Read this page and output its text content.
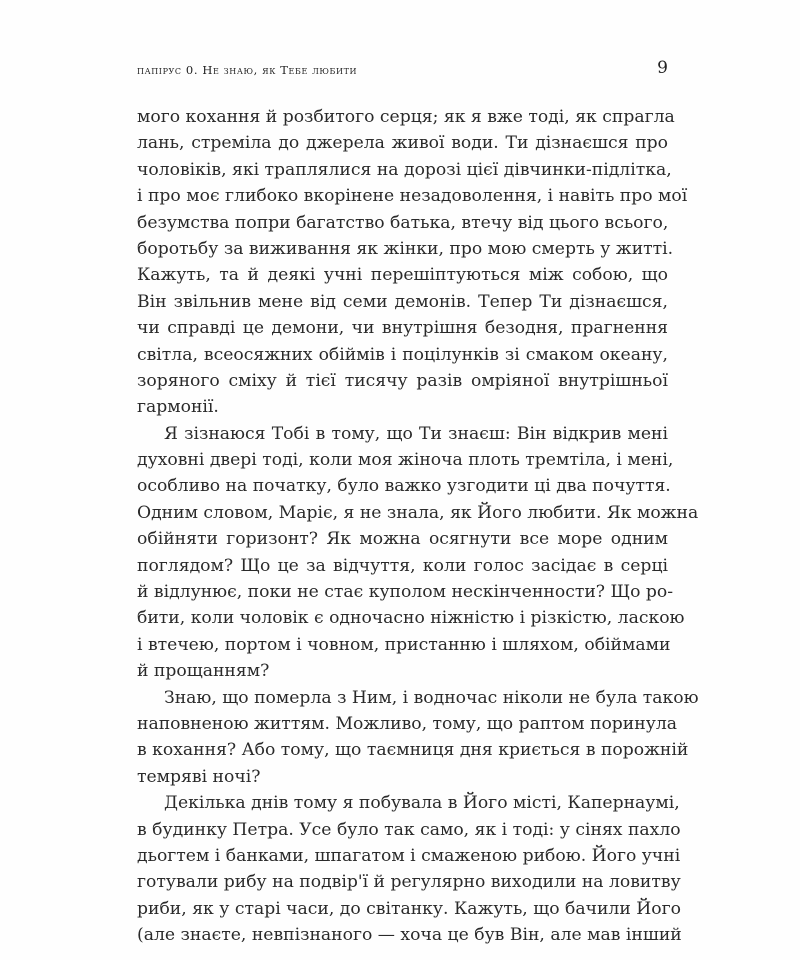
папірус 0. Не знаю, як Тебе любити	9
мого кохання й розбитого серця; як я вже тоді, як спрагла
лань, стреміла до джерела живої води. Ти дізнаєшся про
чоловіків, які траплялися на дорозі цієї дівчинки-підлітка,
і про моє глибоко вкорінене незадоволення, і навіть про мої
безумства попри багатство батька, втечу від цього всього,
боротьбу за виживання як жінки, про мою смерть у житті.
Кажуть, та й деякі учні перешіптуються між собою, що
Він звільнив мене від семи демонів. Тепер Ти дізнаєшся,
чи справді це демони, чи внутрішня безодня, прагнення
світла, всеосяжних обіймів і поцілунків зі смаком океану,
зоряного сміху й тієї тисячу разів омріяної внутрішньої
гармонії.
Я зізнаюся Тобі в тому, що Ти знаєш: Він відкрив мені
духовні двері тоді, коли моя жіноча плоть тремтіла, і мені,
особливо на початку, було важко узгодити ці два почуття.
Одним словом, Маріє, я не знала, як Його любити. Як можна
обійняти горизонт? Як можна осягнути все море одним
поглядом? Що це за відчуття, коли голос засідає в серці
й відлунює, поки не стає куполом нескінченности? Що ро-
бити, коли чоловік є одночасно ніжністю і різкістю, ласкою
і втечею, портом і човном, пристанню і шляхом, обіймами
й прощанням?
Знаю, що померла з Ним, і водночас ніколи не була такою
наповненою життям. Можливо, тому, що раптом поринула
в кохання? Або тому, що таємниця дня криється в порожній
темряві ночі?
Декілька днів тому я побувала в Його місті, Капернаумі,
в будинку Петра. Усе було так само, як і тоді: у сінях пахло
дьогтем і банками, шпагатом і смаженою рибою. Його учні
готували рибу на подвір'ї й регулярно виходили на ловитву
риби, як у старі часи, до світанку. Кажуть, що бачили Його
(але знаєте, невпізнаного — хоча це був Він, але мав інший
